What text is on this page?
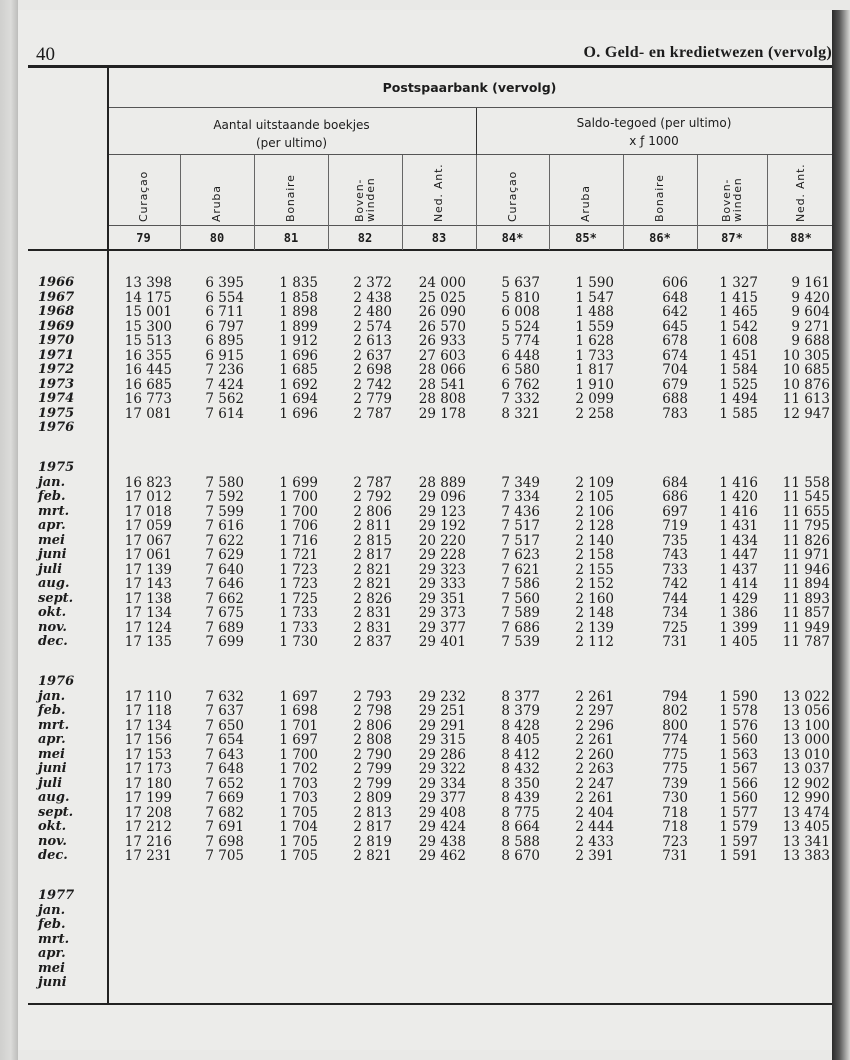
40	O. Geld- en kredietwezen (vervolg)
Postspaarbank (vervolg)
Aantal uitstaande boekjes
(per ultimo)
Saldo-tegoed (per ultimo)
x ƒ 1000
Curaçao
79
Aruba
80
Bonaire
81
Boven- winden
82
Ned. Ant.
83
Curaçao
84*
Aruba
85*
Bonaire
86*
Boven- winden
87*
Ned. Ant.
88*
1966	13 398	6 395	1 835	2 372	24 000	5 637	1 590	606	1 327	9 161
1967	14 175	6 554	1 858	2 438	25 025	5 810	1 547	648	1 415	9 420
1968	15 001	6 711	1 898	2 480	26 090	6 008	1 488	642	1 465	9 604
1969	15 300	6 797	1 899	2 574	26 570	5 524	1 559	645	1 542	9 271
1970	15 513	6 895	1 912	2 613	26 933	5 774	1 628	678	1 608	9 688
1971	16 355	6 915	1 696	2 637	27 603	6 448	1 733	674	1 451	10 305
1972	16 445	7 236	1 685	2 698	28 066	6 580	1 817	704	1 584	10 685
1973	16 685	7 424	1 692	2 742	28 541	6 762	1 910	679	1 525	10 876
1974	16 773	7 562	1 694	2 779	28 808	7 332	2 099	688	1 494	11 613
1975	17 081	7 614	1 696	2 787	29 178	8 321	2 258	783	1 585	12 947
1976
1975
jan.	16 823	7 580	1 699	2 787	28 889	7 349	2 109	684	1 416	11 558
feb.	17 012	7 592	1 700	2 792	29 096	7 334	2 105	686	1 420	11 545
mrt.	17 018	7 599	1 700	2 806	29 123	7 436	2 106	697	1 416	11 655
apr.	17 059	7 616	1 706	2 811	29 192	7 517	2 128	719	1 431	11 795
mei	17 067	7 622	1 716	2 815	20 220	7 517	2 140	735	1 434	11 826
juni	17 061	7 629	1 721	2 817	29 228	7 623	2 158	743	1 447	11 971
juli	17 139	7 640	1 723	2 821	29 323	7 621	2 155	733	1 437	11 946
aug.	17 143	7 646	1 723	2 821	29 333	7 586	2 152	742	1 414	11 894
sept.	17 138	7 662	1 725	2 826	29 351	7 560	2 160	744	1 429	11 893
okt.	17 134	7 675	1 733	2 831	29 373	7 589	2 148	734	1 386	11 857
nov.	17 124	7 689	1 733	2 831	29 377	7 686	2 139	725	1 399	11 949
dec.	17 135	7 699	1 730	2 837	29 401	7 539	2 112	731	1 405	11 787
1976
jan.	17 110	7 632	1 697	2 793	29 232	8 377	2 261	794	1 590	13 022
feb.	17 118	7 637	1 698	2 798	29 251	8 379	2 297	802	1 578	13 056
mrt.	17 134	7 650	1 701	2 806	29 291	8 428	2 296	800	1 576	13 100
apr.	17 156	7 654	1 697	2 808	29 315	8 405	2 261	774	1 560	13 000
mei	17 153	7 643	1 700	2 790	29 286	8 412	2 260	775	1 563	13 010
juni	17 173	7 648	1 702	2 799	29 322	8 432	2 263	775	1 567	13 037
juli	17 180	7 652	1 703	2 799	29 334	8 350	2 247	739	1 566	12 902
aug.	17 199	7 669	1 703	2 809	29 377	8 439	2 261	730	1 560	12 990
sept.	17 208	7 682	1 705	2 813	29 408	8 775	2 404	718	1 577	13 474
okt.	17 212	7 691	1 704	2 817	29 424	8 664	2 444	718	1 579	13 405
nov.	17 216	7 698	1 705	2 819	29 438	8 588	2 433	723	1 597	13 341
dec.	17 231	7 705	1 705	2 821	29 462	8 670	2 391	731	1 591	13 383
1977
jan.
feb.
mrt.
apr.
mei
juni
